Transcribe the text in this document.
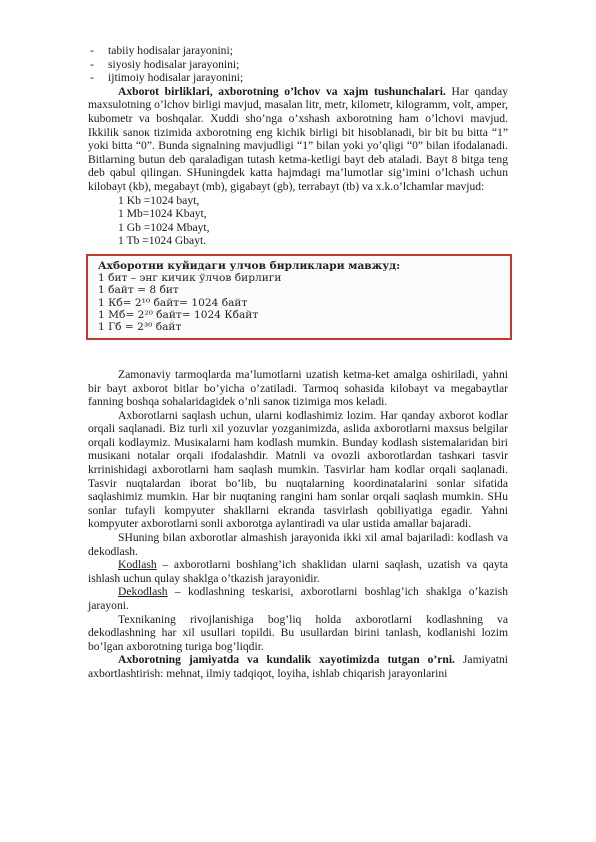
- tabiiy hodisalar jarayonini;
- siyosiy hodisalar jarayonini;
- ijtimoiy hodisalar jarayonini;

Axborot birliklari, axborotning o’lchov va xajm tushunchalari. Har qanday maxsulotning o’lchov birligi mavjud, masalan litr, metr, kilometr, kilogramm, volt, amper, kubometr va boshqalar. Xuddi sho’nga o’xshash axborotning ham o’lchovi mavjud. Ikkilik sanoк tizimida axborotning eng kichik birligi bit hisoblanadi, bir bit bu bitta “1” yoki bitta “0”. Bunda signalning mavjudligi “1” bilan yoki yo’qligi “0” bilan ifodalanadi. Bitlarning butun deb qaraladigan tutash ketma-ketligi bayt deb ataladi. Bayt 8 bitga teng deb qabul qilingan. SHuningdek katta hajmdagi ma’lumotlar sig’imini o’lchash uchun kilobayt (kb), megabayt (mb), gigabayt (gb), terrabayt (tb) va x.k.o’lchamlar mavjud:

1 Kb =1024 bayt,
1 Mb=1024 Kbayt,
1 Gb =1024 Mbayt,
1 Tb =1024 Gbayt.
Ахборотни куйидаги улчов бирликлари мавжуд:
1 бит – энг кичик ўлчов бирлиги
1 байт = 8 бит
1 Кб= 2¹⁰ байт= 1024 байт
1 Мб= 2²⁰ байт= 1024 Кбайт
1 Гб = 2³⁰ байт

Zamonaviy tarmoqlarda ma’lumotlarni uzatish ketma-ket amalga oshiriladi, yahni bir bayt axborot bitlar bo’yicha o’zatiladi. Tarmoq sohasida kilobayt va megabaytlar fanning boshqa sohalaridagidek o’nli sanoк tizimiga mos keladi.

Axborotlarni saqlash uchun, ularni kodlashimiz lozim. Har qanday axborot kodlar orqali saqlanadi. Biz turli xil yozuvlar yozganimizda, aslida axborotlarni maxsus belgilar orqali kodlaymiz. Musiкalarni ham kodlash mumkin. Bunday kodlash sistemalaridan biri musiкani notalar orqali ifodalashdir. Matnli va ovozli axborotlardan tashкari tasvir krrinishidagi axborotlarni ham saqlash mumkin. Tasvirlar ham kodlar orqali saqlanadi. Tasvir nuqtalardan iborat bo’lib, bu nuqtalarning koordinatalarini sonlar sifatida saqlashimiz mumkin. Har bir nuqtaning rangini ham sonlar orqali saqlash mumkin. SHu sonlar tufayli kompyuter shakllarni ekranda tasvirlash qobiliyatiga egadir. Yahni kompyuter axborotlarni sonli axborotga aylantiradi va ular ustida amallar bajaradi.

SHuning bilan axborotlar almashish jarayonida ikki xil amal bajariladi: kodlash va dekodlash.

Kodlash – axborotlarni boshlang’ich shaklidan ularni saqlash, uzatish va qayta ishlash uchun qulay shaklga o’tkazish jarayonidir.

Dekodlash – kodlashning teskarisi, axborotlarni boshlag’ich shaklga o’kazish jarayoni.

Texnikaning rivojlanishiga bog’liq holda axborotlarni kodlashning va dekodlashning har xil usullari topildi. Bu usullardan birini tanlash, kodlanishi lozim bo’lgan axborotning turiga bog’liqdir.

Axborotning jamiyatda va kundalik xayotimizda tutgan o’rni. Jamiyatni axbortlashtirish: mehnat, ilmiy tadqiqot, loyiha, ishlab chiqarish jarayonlarini
